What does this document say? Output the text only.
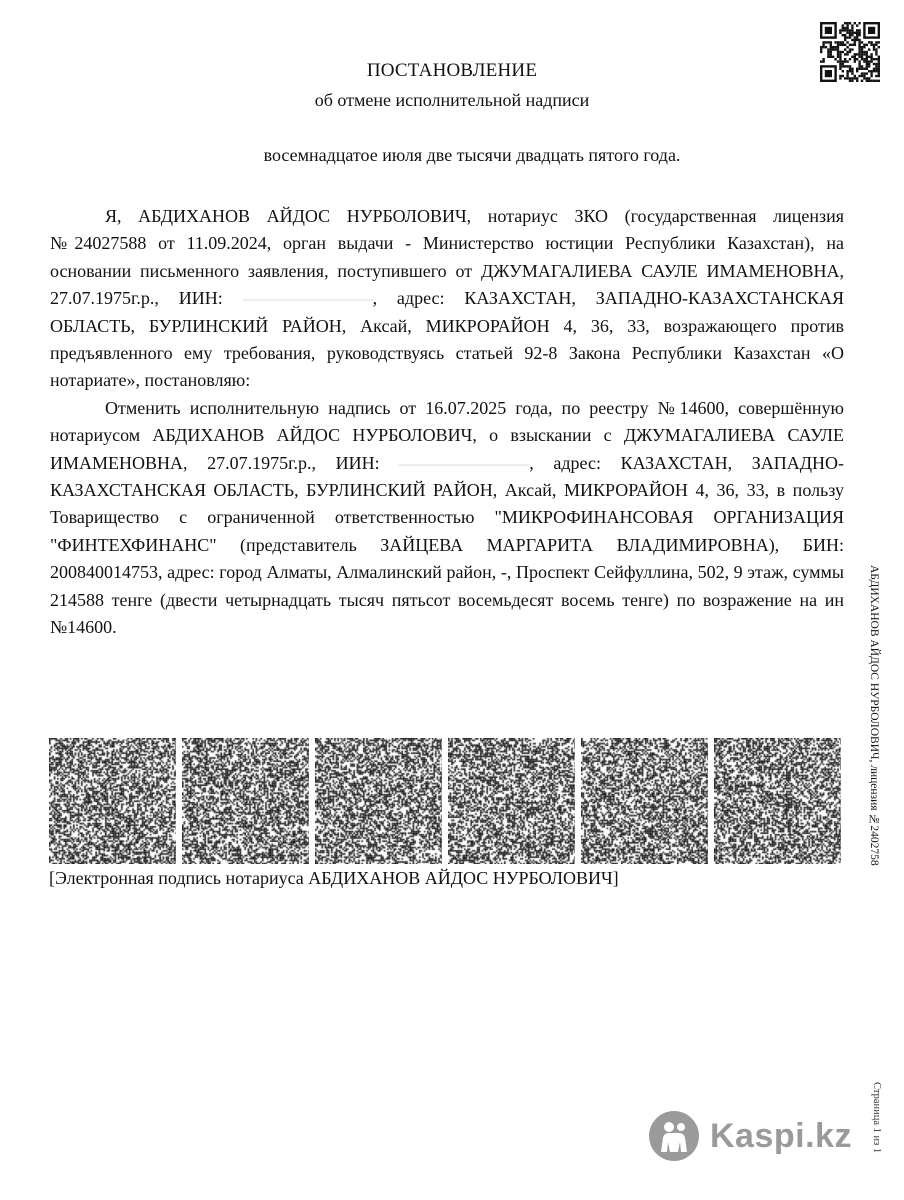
ПОСТАНОВЛЕНИЕ
об отмене исполнительной надписи
восемнадцатое июля две тысячи двадцать пятого года.

Я, АБДИХАНОВ АЙДОС НУРБОЛОВИЧ, нотариус ЗКО (государственная лицензия №24027588 от 11.09.2024, орган выдачи - Министерство юстиции Республики Казахстан), на основании письменного заявления, поступившего от ДЖУМАГАЛИЕВА САУЛЕ ИМАМЕНОВНА, 27.07.1975г.р., ИИН:	, адрес: КАЗАХСТАН, ЗАПАДНО-КАЗАХСТАНСКАЯ ОБЛАСТЬ, БУРЛИНСКИЙ РАЙОН, Аксай, МИКРОРАЙОН 4, 36, 33, возражающего против предъявленного ему требования, руководствуясь статьей 92-8 Закона Республики Казахстан «О нотариате», постановляю:

Отменить исполнительную надпись от 16.07.2025 года, по реестру №14600, совершённую нотариусом АБДИХАНОВ АЙДОС НУРБОЛОВИЧ, о взыскании с ДЖУМАГАЛИЕВА САУЛЕ ИМАМЕНОВНА, 27.07.1975г.р., ИИН:	, адрес: КАЗАХСТАН, ЗАПАДНО-КАЗАХСТАНСКАЯ ОБЛАСТЬ, БУРЛИНСКИЙ РАЙОН, Аксай, МИКРОРАЙОН 4, 36, 33, в пользу Товарищество с ограниченной ответственностью "МИКРОФИНАНСОВАЯ ОРГАНИЗАЦИЯ "ФИНТЕХФИНАНС" (представитель ЗАЙЦЕВА МАРГАРИТА ВЛАДИМИРОВНА), БИН: 200840014753, адрес: город Алматы, Алмалинский район, -, Проспект Сейфуллина, 502, 9 этаж, суммы 214588 тенге (двести четырнадцать тысяч пятьсот восемьдесят восемь тенге) по возражение на ин №14600.

[Электронная подпись нотариуса АБДИХАНОВ АЙДОС НУРБОЛОВИЧ]
АБДИХАНОВ АЙДОС НУРБОЛОВИЧ, лицензия №2402758
Страница 1 из 1
Kaspi.kz
